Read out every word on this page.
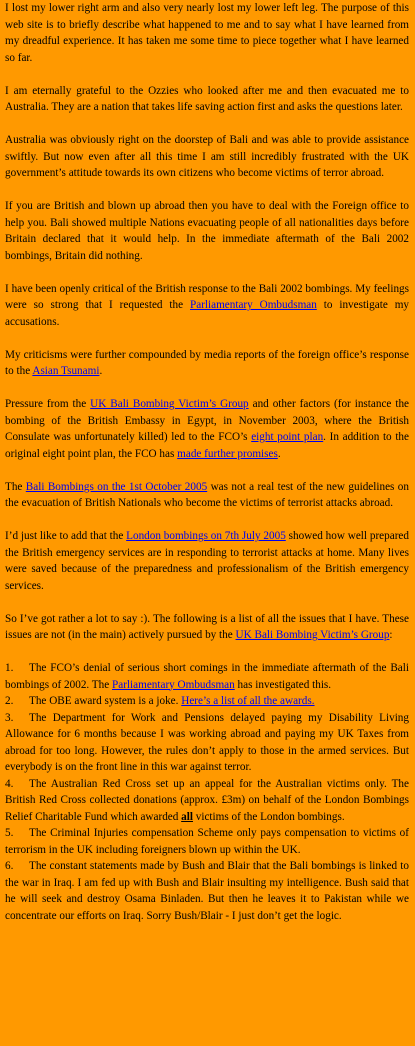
I lost my lower right arm and also very nearly lost my lower left leg. The purpose of this web site is to briefly describe what happened to me and to say what I have learned from my dreadful experience. It has taken me some time to piece together what I have learned so far.

I am eternally grateful to the Ozzies who looked after me and then evacuated me to Australia. They are a nation that takes life saving action first and asks the questions later.

Australia was obviously right on the doorstep of Bali and was able to provide assistance swiftly. But now even after all this time I am still incredibly frustrated with the UK government’s attitude towards its own citizens who become victims of terror abroad.

If you are British and blown up abroad then you have to deal with the Foreign office to help you. Bali showed multiple Nations evacuating people of all nationalities days before Britain declared that it would help. In the immediate aftermath of the Bali 2002 bombings, Britain did nothing.

I have been openly critical of the British response to the Bali 2002 bombings. My feelings were so strong that I requested the Parliamentary Ombudsman to investigate my accusations.

My criticisms were further compounded by media reports of the foreign office’s response to the Asian Tsunami.

Pressure from the UK Bali Bombing Victim’s Group and other factors (for instance the bombing of the British Embassy in Egypt, in November 2003, where the British Consulate was unfortunately killed) led to the FCO’s eight point plan. In addition to the original eight point plan, the FCO has made further promises.

The Bali Bombings on the 1st October 2005 was not a real test of the new guidelines on the evacuation of British Nationals who become the victims of terrorist attacks abroad.

I’d just like to add that the London bombings on 7th July 2005 showed how well prepared the British emergency services are in responding to terrorist attacks at home. Many lives were saved because of the preparedness and professionalism of the British emergency services.

So I’ve got rather a lot to say :). The following is a list of all the issues that I have. These issues are not (in the main) actively pursued by the UK Bali Bombing Victim’s Group:

1. The FCO’s denial of serious short comings in the immediate aftermath of the Bali bombings of 2002. The Parliamentary Ombudsman has investigated this.

2. The OBE award system is a joke. Here’s a list of all the awards.

3. The Department for Work and Pensions delayed paying my Disability Living Allowance for 6 months because I was working abroad and paying my UK Taxes from abroad for too long. However, the rules don’t apply to those in the armed services. But everybody is on the front line in this war against terror.

4. The Australian Red Cross set up an appeal for the Australian victims only. The British Red Cross collected donations (approx. £3m) on behalf of the London Bombings Relief Charitable Fund which awarded all victims of the London bombings.

5. The Criminal Injuries compensation Scheme only pays compensation to victims of terrorism in the UK including foreigners blown up within the UK.

6. The constant statements made by Bush and Blair that the Bali bombings is linked to the war in Iraq. I am fed up with Bush and Blair insulting my intelligence. Bush said that he will seek and destroy Osama Binladen. But then he leaves it to Pakistan while we concentrate our efforts on Iraq. Sorry Bush/Blair - I just don’t get the logic.
